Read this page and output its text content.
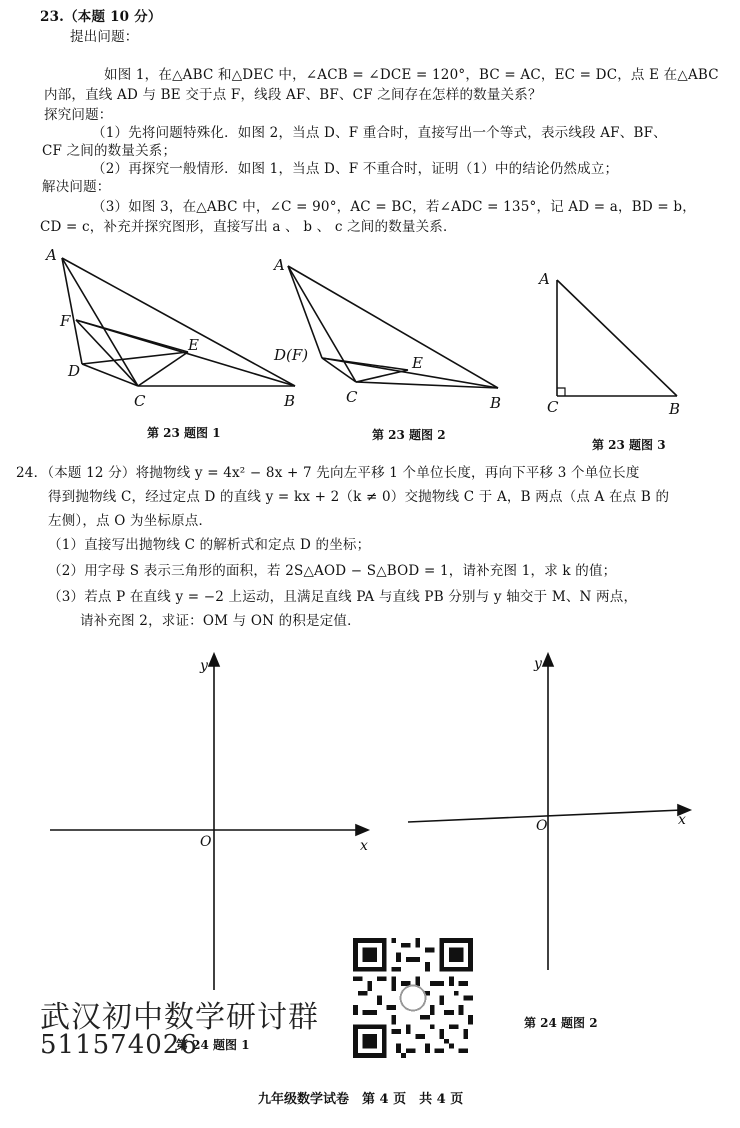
23.（本题 10 分）
提出问题：
如图 1，在△ABC 和△DEC 中，∠ACB = ∠DCE = 120°，BC = AC，EC = DC，点 E 在△ABC
内部，直线 AD 与 BE 交于点 F，线段 AF、BF、CF 之间存在怎样的数量关系？
探究问题：
（1）先将问题特殊化．如图 2，当点 D、F 重合时，直接写出一个等式，表示线段 AF、BF、
CF 之间的数量关系；
（2）再探究一般情形．如图 1，当点 D、F 不重合时，证明（1）中的结论仍然成立；
解决问题：
（3）如图 3，在△ABC 中，∠C = 90°，AC = BC，若∠ADC = 135°，记 AD = a，BD = b，
CD = c，补充并探究图形，直接写出 a 、 b 、 c 之间的数量关系．
A
F
D
C
E
B
第 23 题图 1
A
D(F)
C
E
B
第 23 题图 2
A
C	B
第 23 题图 3
24．（本题 12 分）将抛物线 y = 4x² − 8x + 7 先向左平移 1 个单位长度，再向下平移 3 个单位长度
得到抛物线 C，经过定点 D 的直线 y = kx + 2（k ≠ 0）交抛物线 C 于 A，B 两点（点 A 在点 B 的
左侧），点 O 为坐标原点．
（1）直接写出抛物线 C 的解析式和定点 D 的坐标；
（2）用字母 S 表示三角形的面积，若 2S△AOD − S△BOD = 1，请补充图 1，求 k 的值；
（3）若点 P 在直线 y = −2 上运动，且满足直线 PA 与直线 PB 分别与 y 轴交于 M、N 两点，
请补充图 2，求证：OM 与 ON 的积是定值．
y
x
O
第 24 题图 1
y
x
O
第 24 题图 2
武汉初中数学研讨群
511574026
九年级数学试卷　第 4 页　共 4 页
